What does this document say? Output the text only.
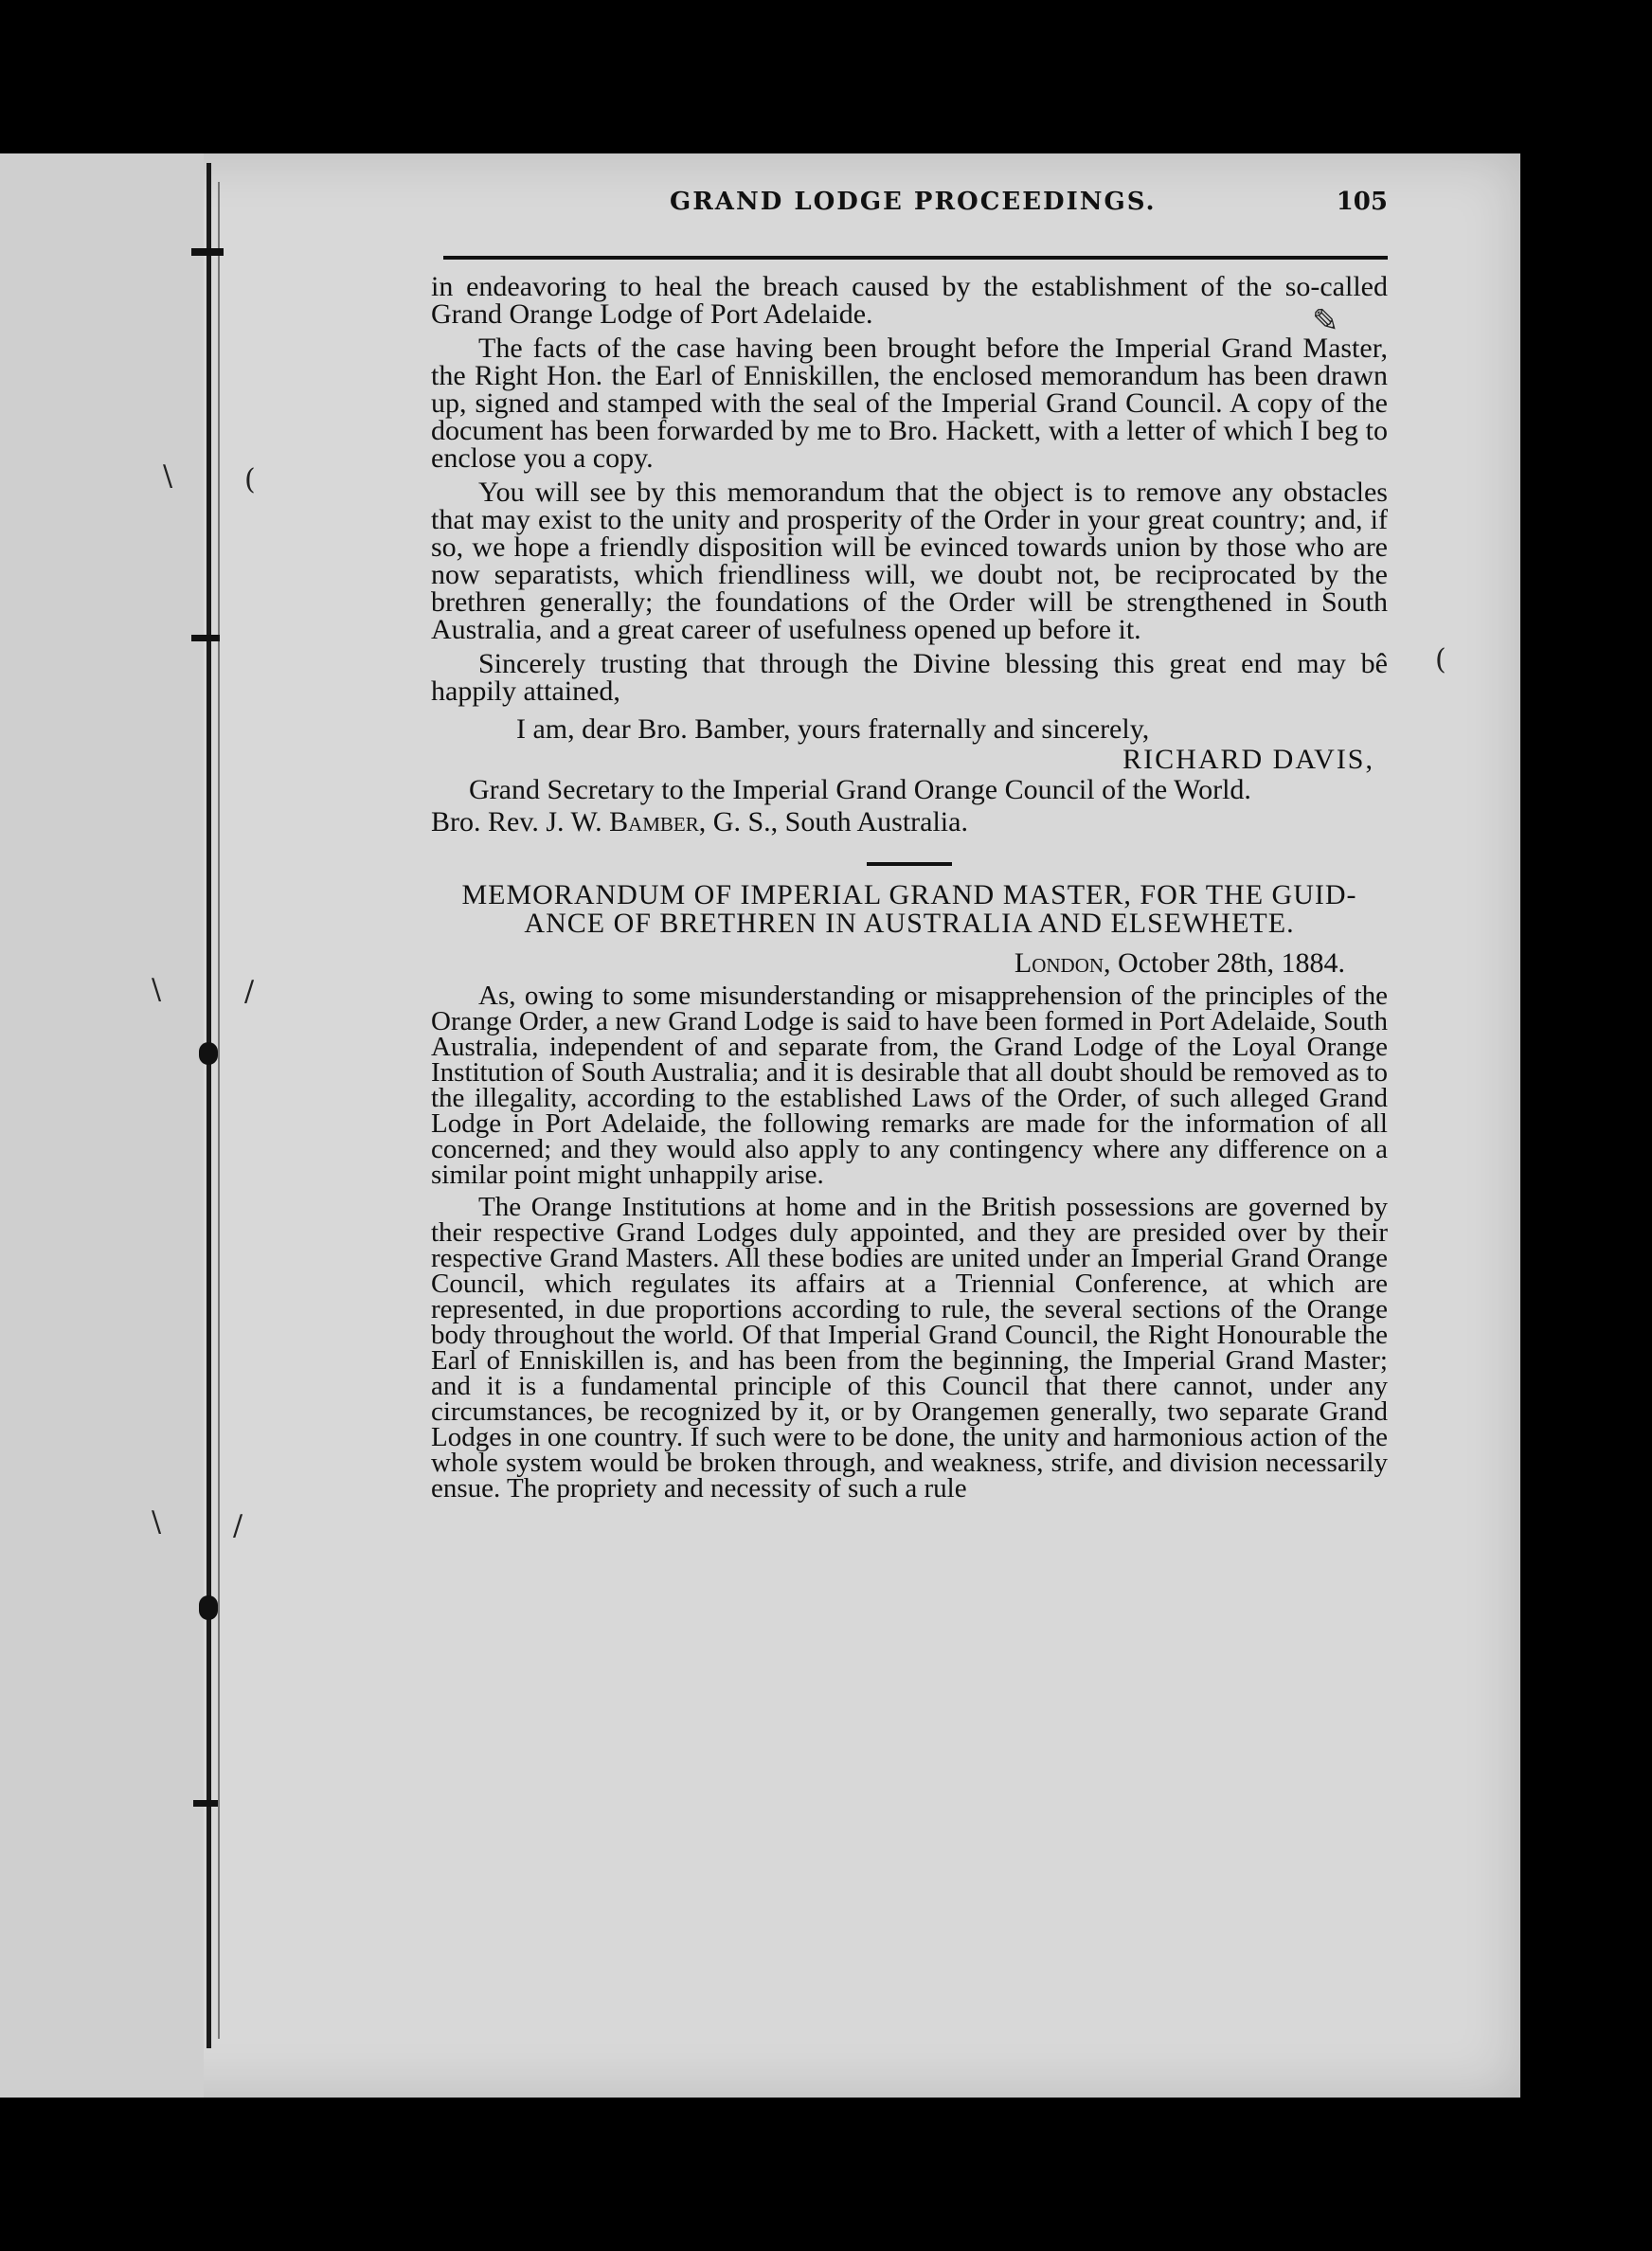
\	(
\	/
\	/
(
✎
GRAND LODGE PROCEEDINGS.	105

in endeavoring to heal the breach caused by the establishment of the so-called Grand Orange Lodge of Port Adelaide.

The facts of the case having been brought before the Imperial Grand Master, the Right Hon. the Earl of Enniskillen, the enclosed memorandum has been drawn up, signed and stamped with the seal of the Imperial Grand Council. A copy of the document has been forwarded by me to Bro. Hackett, with a letter of which I beg to enclose you a copy.

You will see by this memorandum that the object is to remove any obstacles that may exist to the unity and prosperity of the Order in your great country; and, if so, we hope a friendly disposition will be evinced towards union by those who are now separatists, which friendliness will, we doubt not, be reciprocated by the brethren generally; the foundations of the Order will be strengthened in South Australia, and a great career of usefulness opened up before it.

Sincerely trusting that through the Divine blessing this great end may bê happily attained,

I am, dear Bro. Bamber, yours fraternally and sincerely,
RICHARD DAVIS,
Grand Secretary to the Imperial Grand Orange Council of the World.
Bro. Rev. J. W. Bamber, G. S., South Australia.
MEMORANDUM OF IMPERIAL GRAND MASTER, FOR THE GUID-
ANCE OF BRETHREN IN AUSTRALIA AND ELSEWHETE.
London, October 28th, 1884.

As, owing to some misunderstanding or misapprehension of the principles of the Orange Order, a new Grand Lodge is said to have been formed in Port Adelaide, South Australia, independent of and separate from, the Grand Lodge of the Loyal Orange Institution of South Australia; and it is desirable that all doubt should be removed as to the illegality, according to the established Laws of the Order, of such alleged Grand Lodge in Port Adelaide, the following remarks are made for the information of all concerned; and they would also apply to any contingency where any difference on a similar point might unhappily arise.

The Orange Institutions at home and in the British possessions are governed by their respective Grand Lodges duly appointed, and they are presided over by their respective Grand Masters. All these bodies are united under an Imperial Grand Orange Council, which regulates its affairs at a Triennial Conference, at which are represented, in due proportions according to rule, the several sections of the Orange body throughout the world. Of that Imperial Grand Council, the Right Honourable the Earl of Enniskillen is, and has been from the beginning, the Imperial Grand Master; and it is a fundamental principle of this Council that there cannot, under any circumstances, be recognized by it, or by Orangemen generally, two separate Grand Lodges in one country. If such were to be done, the unity and harmonious action of the whole system would be broken through, and weakness, strife, and division necessarily ensue. The propriety and necessity of such a rule
